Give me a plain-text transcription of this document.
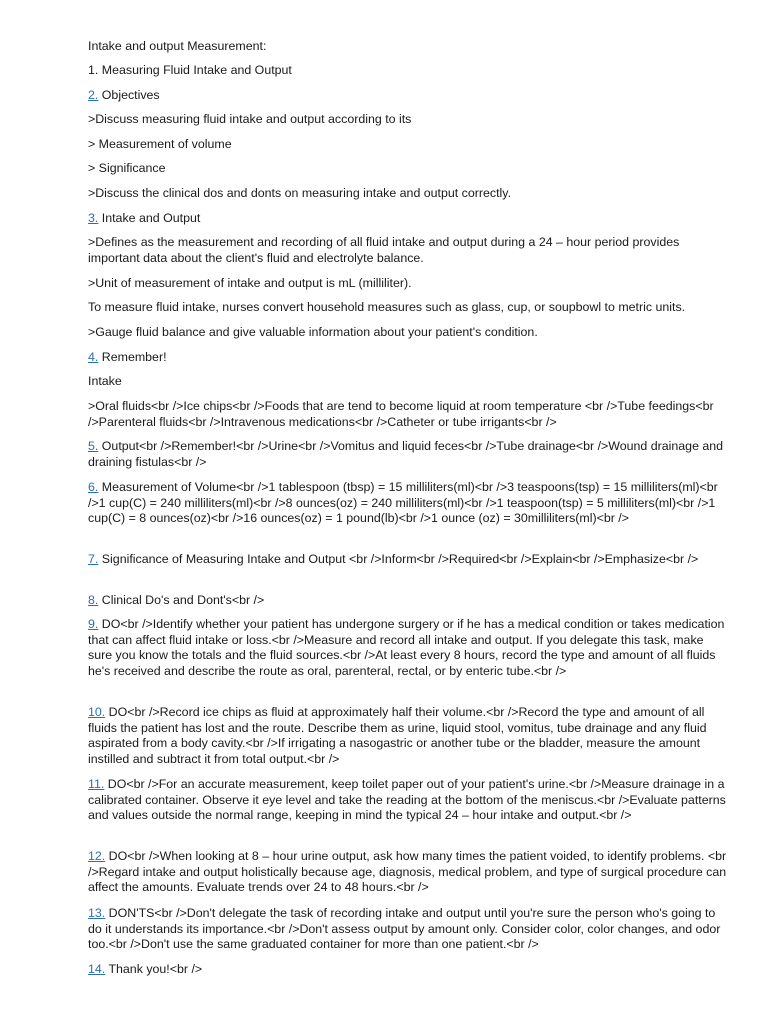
Intake and output Measurement:

1. Measuring Fluid Intake and Output

2. Objectives

>Discuss measuring fluid intake and output according to its

> Measurement of volume

> Significance

>Discuss the clinical dos and donts on measuring intake and output correctly.

3. Intake and Output

>Defines as the measurement and recording of all fluid intake and output during a 24 – hour period provides important data about the client's fluid and electrolyte balance.

>Unit of measurement of intake and output is mL (milliliter).

To measure fluid intake, nurses convert household measures such as glass, cup, or soupbowl to metric units.

>Gauge fluid balance and give valuable information about your patient's condition.

4. Remember!

Intake

>Oral fluids<br />Ice chips<br />Foods that are tend to become liquid at room temperature <br />Tube feedings<br />Parenteral fluids<br />Intravenous medications<br />Catheter or tube irrigants<br />

5. Output<br />Remember!<br />Urine<br />Vomitus and liquid feces<br />Tube drainage<br />Wound drainage and draining fistulas<br />

6. Measurement of Volume<br />1 tablespoon (tbsp) = 15 milliliters(ml)<br />3 teaspoons(tsp) = 15 milliliters(ml)<br />1 cup(C) = 240 milliliters(ml)<br />8 ounces(oz) = 240 milliliters(ml)<br />1 teaspoon(tsp) = 5 milliliters(ml)<br />1 cup(C) = 8 ounces(oz)<br />16 ounces(oz) = 1 pound(lb)<br />1 ounce (oz) = 30milliliters(ml)<br />

7. Significance of Measuring Intake and Output <br />Inform<br />Required<br />Explain<br />Emphasize<br />

8. Clinical Do's and Dont's<br />

9. DO<br />Identify whether your patient has undergone surgery or if he has a medical condition or takes medication that can affect fluid intake or loss.<br />Measure and record all intake and output. If you delegate this task, make sure you know the totals and the fluid sources.<br />At least every 8 hours, record the type and amount of all fluids he's received and describe the route as oral, parenteral, rectal, or by enteric tube.<br />

10. DO<br />Record ice chips as fluid at approximately half their volume.<br />Record the type and amount of all fluids the patient has lost and the route. Describe them as urine, liquid stool, vomitus, tube drainage and any fluid aspirated from a body cavity.<br />If irrigating a nasogastric or another tube or the bladder, measure the amount instilled and subtract it from total output.<br />

11. DO<br />For an accurate measurement, keep toilet paper out of your patient's urine.<br />Measure drainage in a calibrated container. Observe it eye level and take the reading at the bottom of the meniscus.<br />Evaluate patterns and values outside the normal range, keeping in mind the typical 24 – hour intake and output.<br />

12. DO<br />When looking at 8 – hour urine output, ask how many times the patient voided, to identify problems. <br />Regard intake and output holistically because age, diagnosis, medical problem, and type of surgical procedure can affect the amounts. Evaluate trends over 24 to 48 hours.<br />

13. DON'TS<br />Don't delegate the task of recording intake and output until you're sure the person who's going to do it understands its importance.<br />Don't assess output by amount only. Consider color, color changes, and odor too.<br />Don't use the same graduated container for more than one patient.<br />

14. Thank you!<br />
